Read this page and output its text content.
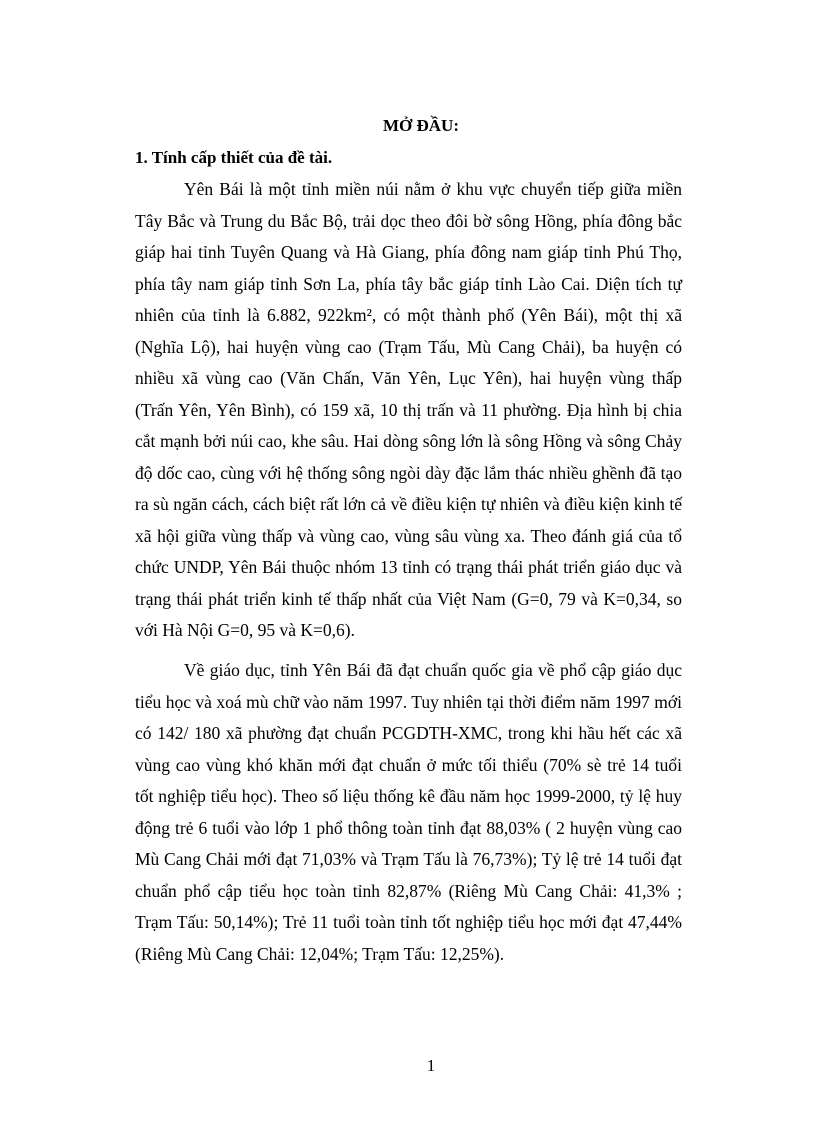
MỞ ĐẦU:
1. Tính cấp thiết của đề tài.

Yên Bái là một tỉnh miền núi nằm ở khu vực chuyển tiếp giữa miền Tây Bắc và Trung du Bắc Bộ, trải dọc theo đôi bờ sông Hồng, phía đông bắc giáp hai tỉnh Tuyên Quang và Hà Giang, phía đông nam giáp tỉnh Phú Thọ, phía tây nam giáp tỉnh Sơn La, phía tây bắc giáp tỉnh Lào Cai. Diện tích tự nhiên của tỉnh là 6.882, 922km², có một thành phố (Yên Bái), một thị xã (Nghĩa Lộ), hai huyện vùng cao (Trạm Tấu, Mù Cang Chải), ba huyện có nhiều xã vùng cao (Văn Chấn, Văn Yên, Lục Yên), hai huyện vùng thấp (Trấn Yên, Yên Bình), có 159 xã, 10 thị trấn và 11 phường. Địa hình bị chia cắt mạnh bởi núi cao, khe sâu. Hai dòng sông lớn là sông Hồng và sông Chảy độ dốc cao, cùng với hệ thống sông ngòi dày đặc lắm thác nhiều ghềnh đã tạo ra sù ngăn cách, cách biệt rất lớn cả về điều kiện tự nhiên và điều kiện kinh tế xã hội giữa vùng thấp và vùng cao, vùng sâu vùng xa. Theo đánh giá của tổ chức UNDP, Yên Bái thuộc nhóm 13 tỉnh có trạng thái phát triển giáo dục và trạng thái phát triển kinh tế thấp nhất của Việt Nam (G=0, 79 và K=0,34, so với Hà Nội G=0, 95 và K=0,6).

Về giáo dục, tỉnh Yên Bái đã đạt chuẩn quốc gia về phổ cập giáo dục tiểu học và xoá mù chữ vào năm 1997. Tuy nhiên tại thời điểm năm 1997 mới có 142/ 180 xã phường đạt chuẩn PCGDTH-XMC, trong khi hầu hết các xã vùng cao vùng khó khăn mới đạt chuẩn ở mức tối thiểu (70% sè trẻ 14 tuổi tốt nghiệp tiểu học). Theo số liệu thống kê đầu năm học 1999-2000, tỷ lệ huy động trẻ 6 tuổi vào lớp 1 phổ thông toàn tỉnh đạt 88,03% ( 2 huyện vùng cao Mù Cang Chải mới đạt 71,03% và Trạm Tấu là 76,73%); Tỷ lệ trẻ 14 tuổi đạt chuẩn phổ cập tiểu học toàn tỉnh 82,87% (Riêng Mù Cang Chải: 41,3% ; Trạm Tấu: 50,14%); Trẻ 11 tuổi toàn tỉnh tốt nghiệp tiểu học mới đạt 47,44% (Riêng Mù Cang Chải: 12,04%; Trạm Tấu: 12,25%).

1
